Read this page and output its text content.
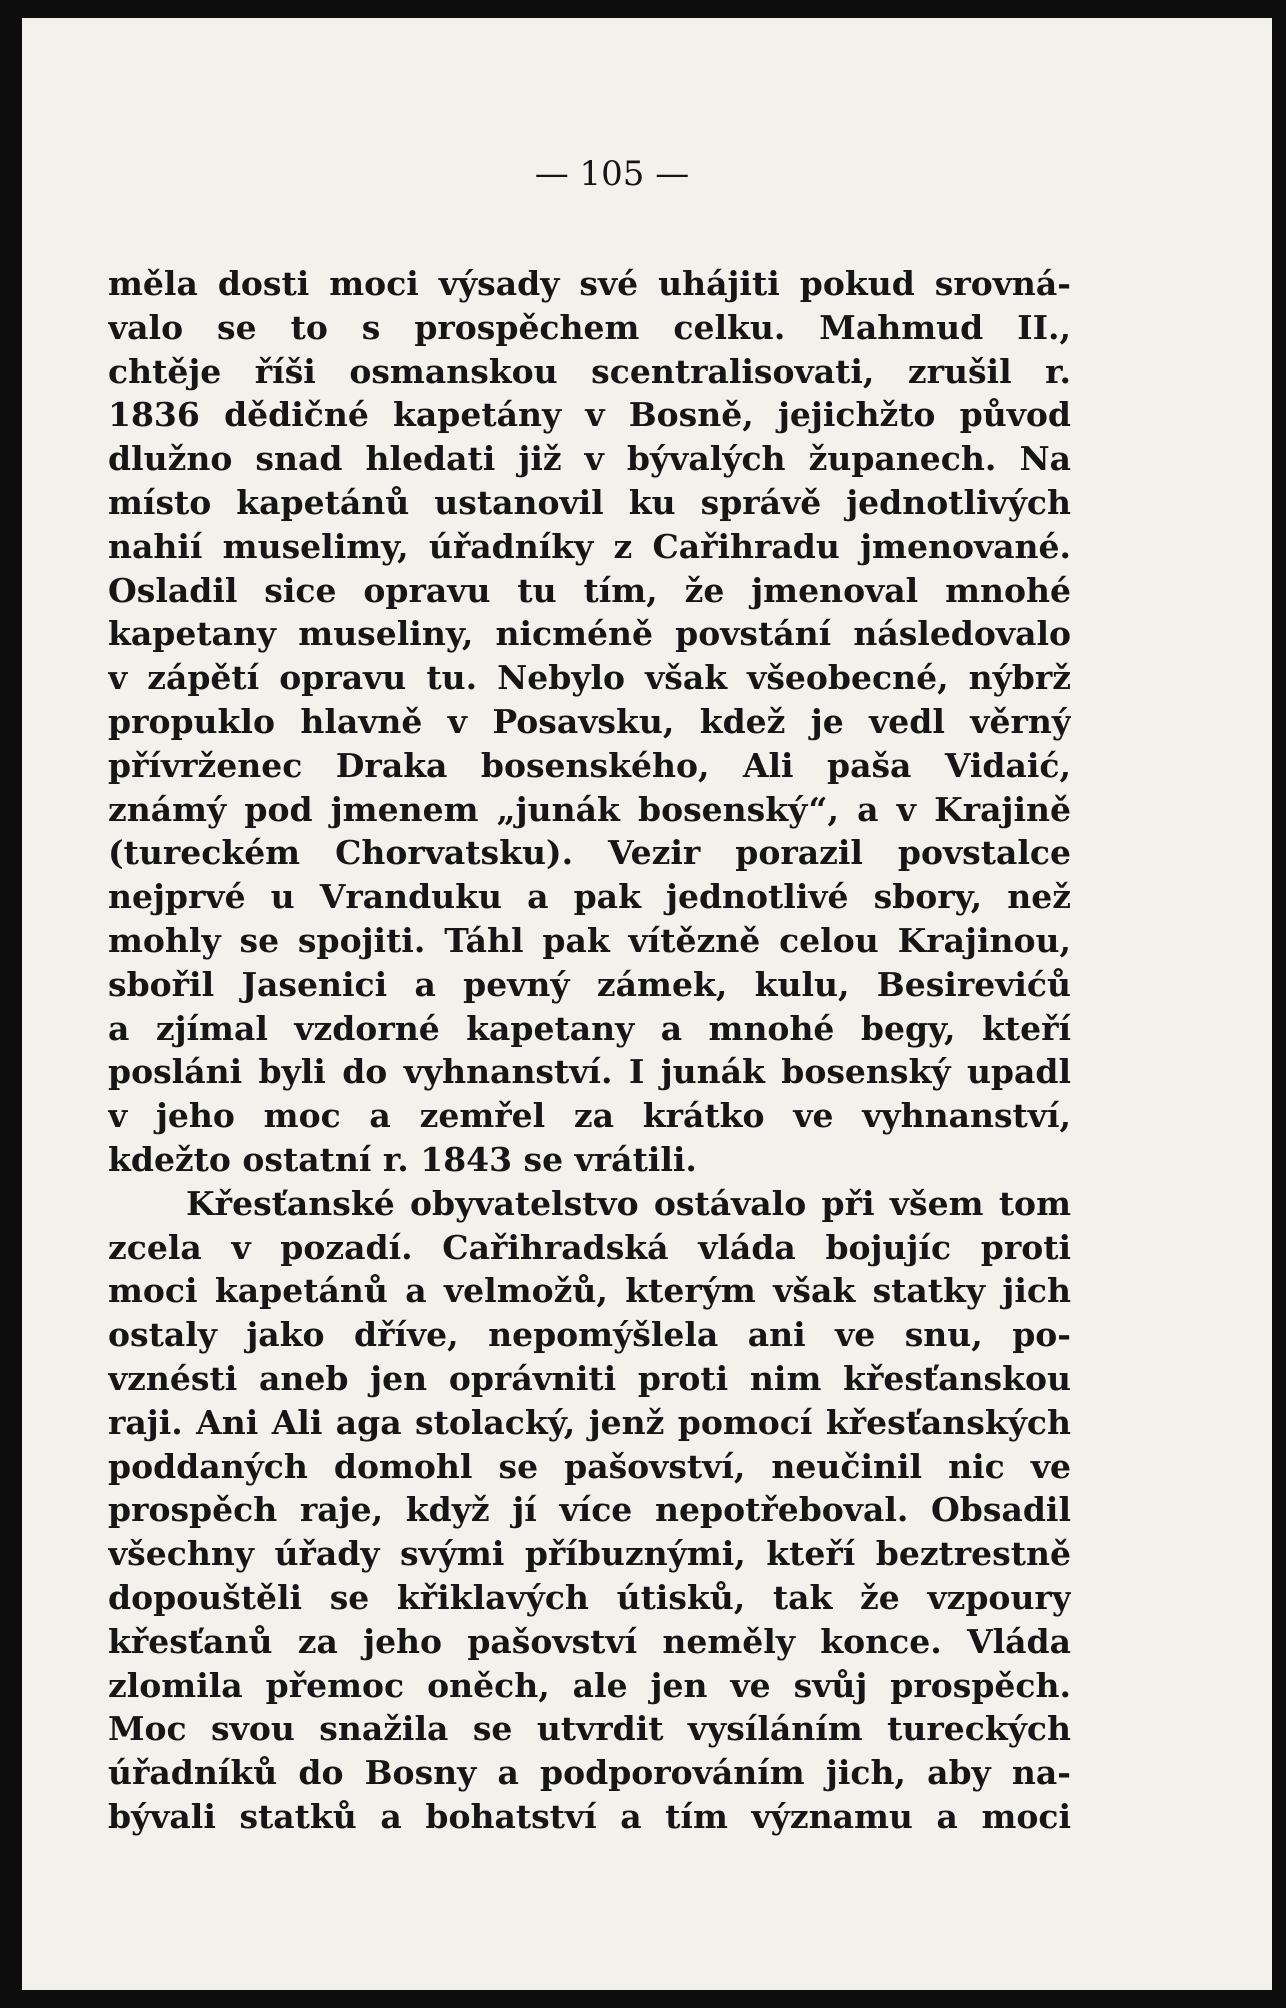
— 105 —
měla dosti moci výsady své uhájiti pokud srovná-
valo se to s prospěchem celku. Mahmud II.,
chtěje říši osmanskou scentralisovati, zrušil r.
1836 dědičné kapetány v Bosně, jejichžto původ
dlužno snad hledati již v bývalých županech. Na
místo kapetánů ustanovil ku správě jednotlivých
nahií muselimy, úřadníky z Cařihradu jmenované.
Osladil sice opravu tu tím, že jmenoval mnohé
kapetany museliny, nicméně povstání následovalo
v zápětí opravu tu. Nebylo však všeobecné, nýbrž
propuklo hlavně v Posavsku, kdež je vedl věrný
přívrženec Draka bosenského, Ali paša Vidaić,
známý pod jmenem „junák bosenský“, a v Krajině
(tureckém Chorvatsku). Vezir porazil povstalce
nejprvé u Vranduku a pak jednotlivé sbory, než
mohly se spojiti. Táhl pak vítězně celou Krajinou,
sbořil Jasenici a pevný zámek, kulu, Besirevićů
a zjímal vzdorné kapetany a mnohé begy, kteří
posláni byli do vyhnanství. I junák bosenský upadl
v jeho moc a zemřel za krátko ve vyhnanství,
kdežto ostatní r. 1843 se vrátili.
Křesťanské obyvatelstvo ostávalo při všem tom
zcela v pozadí. Cařihradská vláda bojujíc proti
moci kapetánů a velmožů, kterým však statky jich
ostaly jako dříve, nepomýšlela ani ve snu, po-
vznésti aneb jen oprávniti proti nim křesťanskou
raji. Ani Ali aga stolacký, jenž pomocí křesťanských
poddaných domohl se pašovství, neučinil nic ve
prospěch raje, když jí více nepotřeboval. Obsadil
všechny úřady svými příbuznými, kteří beztrestně
dopouštěli se křiklavých útisků, tak že vzpoury
křesťanů za jeho pašovství neměly konce. Vláda
zlomila přemoc oněch, ale jen ve svůj prospěch.
Moc svou snažila se utvrdit vysíláním tureckých
úřadníků do Bosny a podporováním jich, aby na-
bývali statků a bohatství a tím významu a moci
